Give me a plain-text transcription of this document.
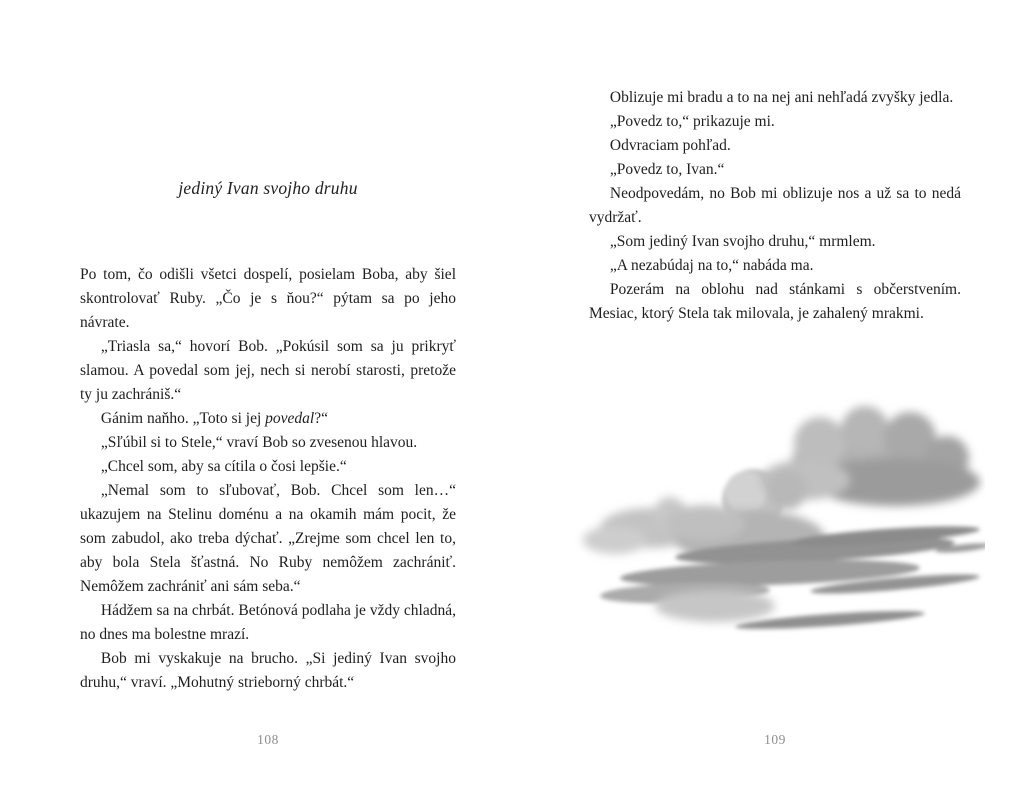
jediný Ivan svojho druhu

Po tom, čo odišli všetci dospelí, posielam Boba, aby šiel skontrolovať Ruby. „Čo je s ňou?“ pýtam sa po jeho návrate.

„Triasla sa,“ hovorí Bob. „Pokúsil som sa ju prikryť slamou. A povedal som jej, nech si nerobí starosti, pretože ty ju zachrániš.“

Gánim naňho. „Toto si jej povedal?“

„Sľúbil si to Stele,“ vraví Bob so zvesenou hlavou.

„Chcel som, aby sa cítila o čosi lepšie.“

„Nemal som to sľubovať, Bob. Chcel som len…“ ukazujem na Stelinu doménu a na okamih mám pocit, že som zabudol, ako treba dýchať. „Zrejme som chcel len to, aby bola Stela šťastná. No Ruby nemôžem zachrániť. Nemôžem zachrániť ani sám seba.“

Hádžem sa na chrbát. Betónová podlaha je vždy chladná, no dnes ma bolestne mrazí.

Bob mi vyskakuje na brucho. „Si jediný Ivan svojho druhu,“ vraví. „Mohutný strieborný chrbát.“

108

Oblizuje mi bradu a to na nej ani nehľadá zvyšky jedla.

„Povedz to,“ prikazuje mi.

Odvraciam pohľad.

„Povedz to, Ivan.“

Neodpovedám, no Bob mi oblizuje nos a už sa to nedá vydržať.

„Som jediný Ivan svojho druhu,“ mrmlem.

„A nezabúdaj na to,“ nabáda ma.

Pozerám na oblohu nad stánkami s občerstvením. Mesiac, ktorý Stela tak milovala, je zahalený mrakmi.

109
